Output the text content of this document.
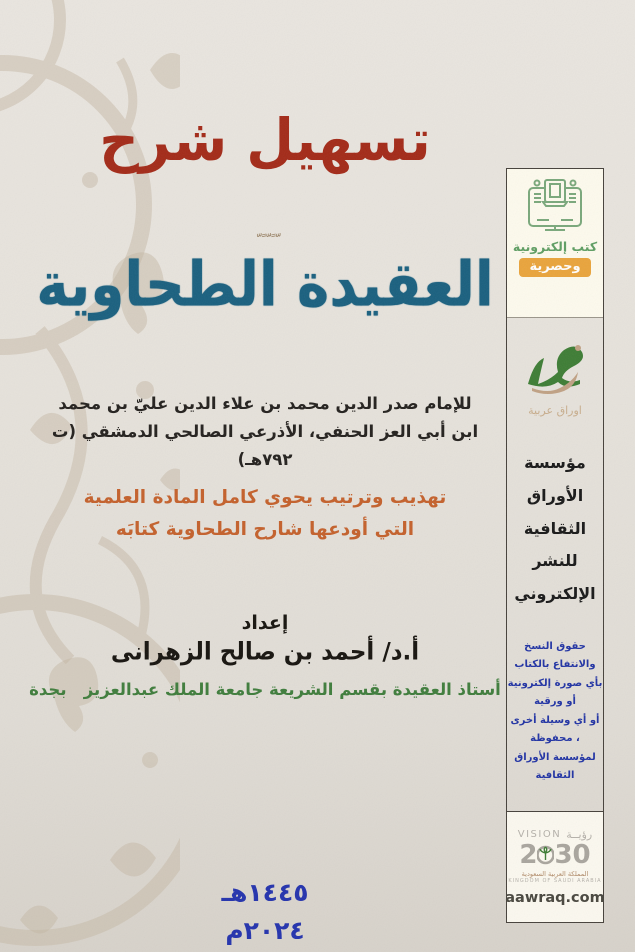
تسهيل شرح
ّ ً ّ ً ّ
العقيدة الطحاوية
للإمام صدر الدين محمد بن علاء الدين عليّ بن محمد
ابن أبي العز الحنفي، الأذرعي الصالحي الدمشقي (ت ٧٩٢هـ)
تهذيب وترتيب يحوي كامل المادة العلمية
التي أودعها شارح الطحاوية كتابَه
إعداد
أ.د/ أحمد بن صالح الزهرانى
أستاذ العقيدة بقسم الشريعة جامعة الملك عبدالعزيز   بجدة
١٤٤٥هـ
٢٠٢٤م
كتب إلكترونية
وحصرية
اوراق عربية
مؤسسة
الأوراق
الثقافية
للنشر
الإلكتروني
حقوق النسخ والانتفاع بالكتاب
بأي صورة إلكترونية أو ورقية
أو أي وسيلة أخرى ، محفوظة
لمؤسسة الأوراق الثقافية
VISION رؤيــة
2 30
المملكة العربية السعودية
KINGDOM OF SAUDI ARABIA
aawraq.com
